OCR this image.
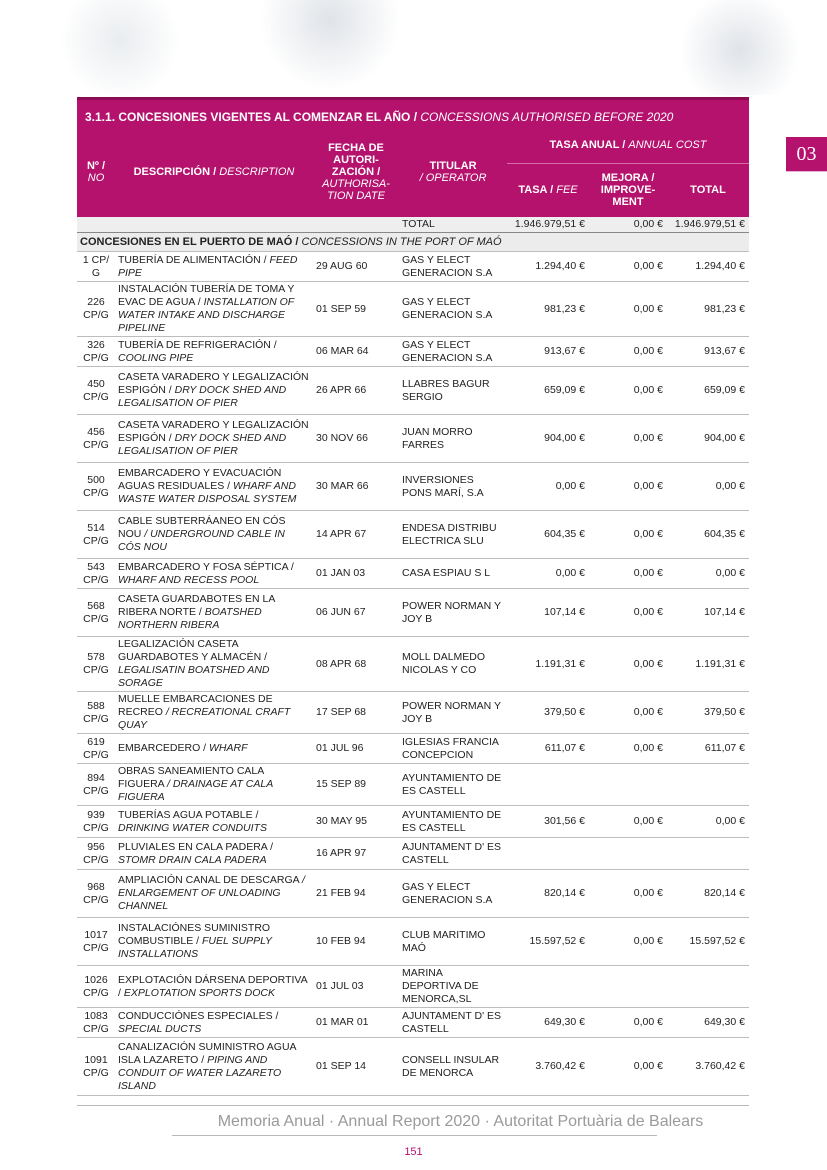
03
3.1.1. CONCESIONES VIGENTES AL COMENZAR EL AÑO / CONCESSIONS AUTHORISED BEFORE 2020
Nº /
NO	DESCRIPCIÓN / DESCRIPTION	FECHA DE AUTORI- ZACIÓN / AUTHORISA- TION DATE	TITULAR
/ OPERATOR	TASA ANUAL / ANNUAL COST		
				TASA / FEE	MEJORA / IMPROVE- MENT	TOTAL
			TOTAL	1.946.979,51 €	0,00 €	1.946.979,51 €
CONCESIONES EN EL PUERTO DE MAÓ / CONCESSIONS IN THE PORT OF MAÓ						
1 CP/ G	TUBERÍA DE ALIMENTACIÓN / FEED PIPE	29 AUG 60	GAS Y ELECT GENERACION S.A	1.294,40 €	0,00 €	1.294,40 €
226 CP/G	INSTALACIÓN TUBERÍA DE TOMA Y EVAC DE AGUA / INSTALLATION OF WATER INTAKE AND DISCHARGE PIPELINE	01 SEP 59	GAS Y ELECT GENERACION S.A	981,23 €	0,00 €	981,23 €
326 CP/G	TUBERÍA DE REFRIGERACIÓN / COOLING PIPE	06 MAR 64	GAS Y ELECT GENERACION S.A	913,67 €	0,00 €	913,67 €
450 CP/G	CASETA VARADERO Y LEGALIZACIÓN ESPIGÓN / DRY DOCK SHED AND LEGALISATION OF PIER	26 APR 66	LLABRES BAGUR SERGIO	659,09 €	0,00 €	659,09 €
456 CP/G	CASETA VARADERO Y LEGALIZACIÓN ESPIGÓN / DRY DOCK SHED AND LEGALISATION OF PIER	30 NOV 66	JUAN MORRO FARRES	904,00 €	0,00 €	904,00 €
500 CP/G	EMBARCADERO Y EVACUACIÓN AGUAS RESIDUALES / WHARF AND WASTE WATER DISPOSAL SYSTEM	30 MAR 66	INVERSIONES PONS MARÍ, S.A	0,00 €	0,00 €	0,00 €
514 CP/G	CABLE SUBTERRÁANEO EN CÓS NOU / UNDERGROUND CABLE IN CÓS NOU	14 APR 67	ENDESA DISTRIBU ELECTRICA SLU	604,35 €	0,00 €	604,35 €
543 CP/G	EMBARCADERO Y FOSA SÉPTICA / WHARF AND RECESS POOL	01 JAN 03	CASA ESPIAU S L	0,00 €	0,00 €	0,00 €
568 CP/G	CASETA GUARDABOTES EN LA RIBERA NORTE / BOATSHED NORTHERN RIBERA	06 JUN 67	POWER NORMAN Y JOY B	107,14 €	0,00 €	107,14 €
578 CP/G	LEGALIZACIÓN CASETA GUARDABOTES Y ALMACÉN / LEGALISATIN BOATSHED AND SORAGE	08 APR 68	MOLL DALMEDO NICOLAS Y CO	1.191,31 €	0,00 €	1.191,31 €
588 CP/G	MUELLE EMBARCACIONES DE RECREO / RECREATIONAL CRAFT QUAY	17 SEP 68	POWER NORMAN Y JOY B	379,50 €	0,00 €	379,50 €
619 CP/G	EMBARCEDERO / WHARF	01 JUL 96	IGLESIAS FRANCIA CONCEPCION	611,07 €	0,00 €	611,07 €
894 CP/G	OBRAS SANEAMIENTO CALA FIGUERA / DRAINAGE AT CALA FIGUERA	15 SEP 89	AYUNTAMIENTO DE ES CASTELL			
939 CP/G	TUBERÍAS AGUA POTABLE / DRINKING WATER CONDUITS	30 MAY 95	AYUNTAMIENTO DE ES CASTELL	301,56 €	0,00 €	0,00 €
956 CP/G	PLUVIALES EN CALA PADERA / STOMR DRAIN CALA PADERA	16 APR 97	AJUNTAMENT D' ES CASTELL			
968 CP/G	AMPLIACIÓN CANAL DE DESCARGA / ENLARGEMENT OF UNLOADING CHANNEL	21 FEB 94	GAS Y ELECT GENERACION S.A	820,14 €	0,00 €	820,14 €
1017 CP/G	INSTALACIÓNES SUMINISTRO COMBUSTIBLE / FUEL SUPPLY INSTALLATIONS	10 FEB 94	CLUB MARITIMO MAÓ	15.597,52 €	0,00 €	15.597,52 €
1026 CP/G	EXPLOTACIÓN DÁRSENA DEPORTIVA / EXPLOTATION SPORTS DOCK	01 JUL 03	MARINA DEPORTIVA DE MENORCA,SL			
1083 CP/G	CONDUCCIÓNES ESPECIALES / SPECIAL DUCTS	01 MAR 01	AJUNTAMENT D' ES CASTELL	649,30 €	0,00 €	649,30 €
1091 CP/G	CANALIZACIÓN SUMINISTRO AGUA ISLA LAZARETO / PIPING AND CONDUIT OF WATER LAZARETO ISLAND	01 SEP 14	CONSELL INSULAR DE MENORCA	3.760,42 €	0,00 €	3.760,42 €
Memoria Anual · Annual Report 2020 · Autoritat Portuària de Balears
151
